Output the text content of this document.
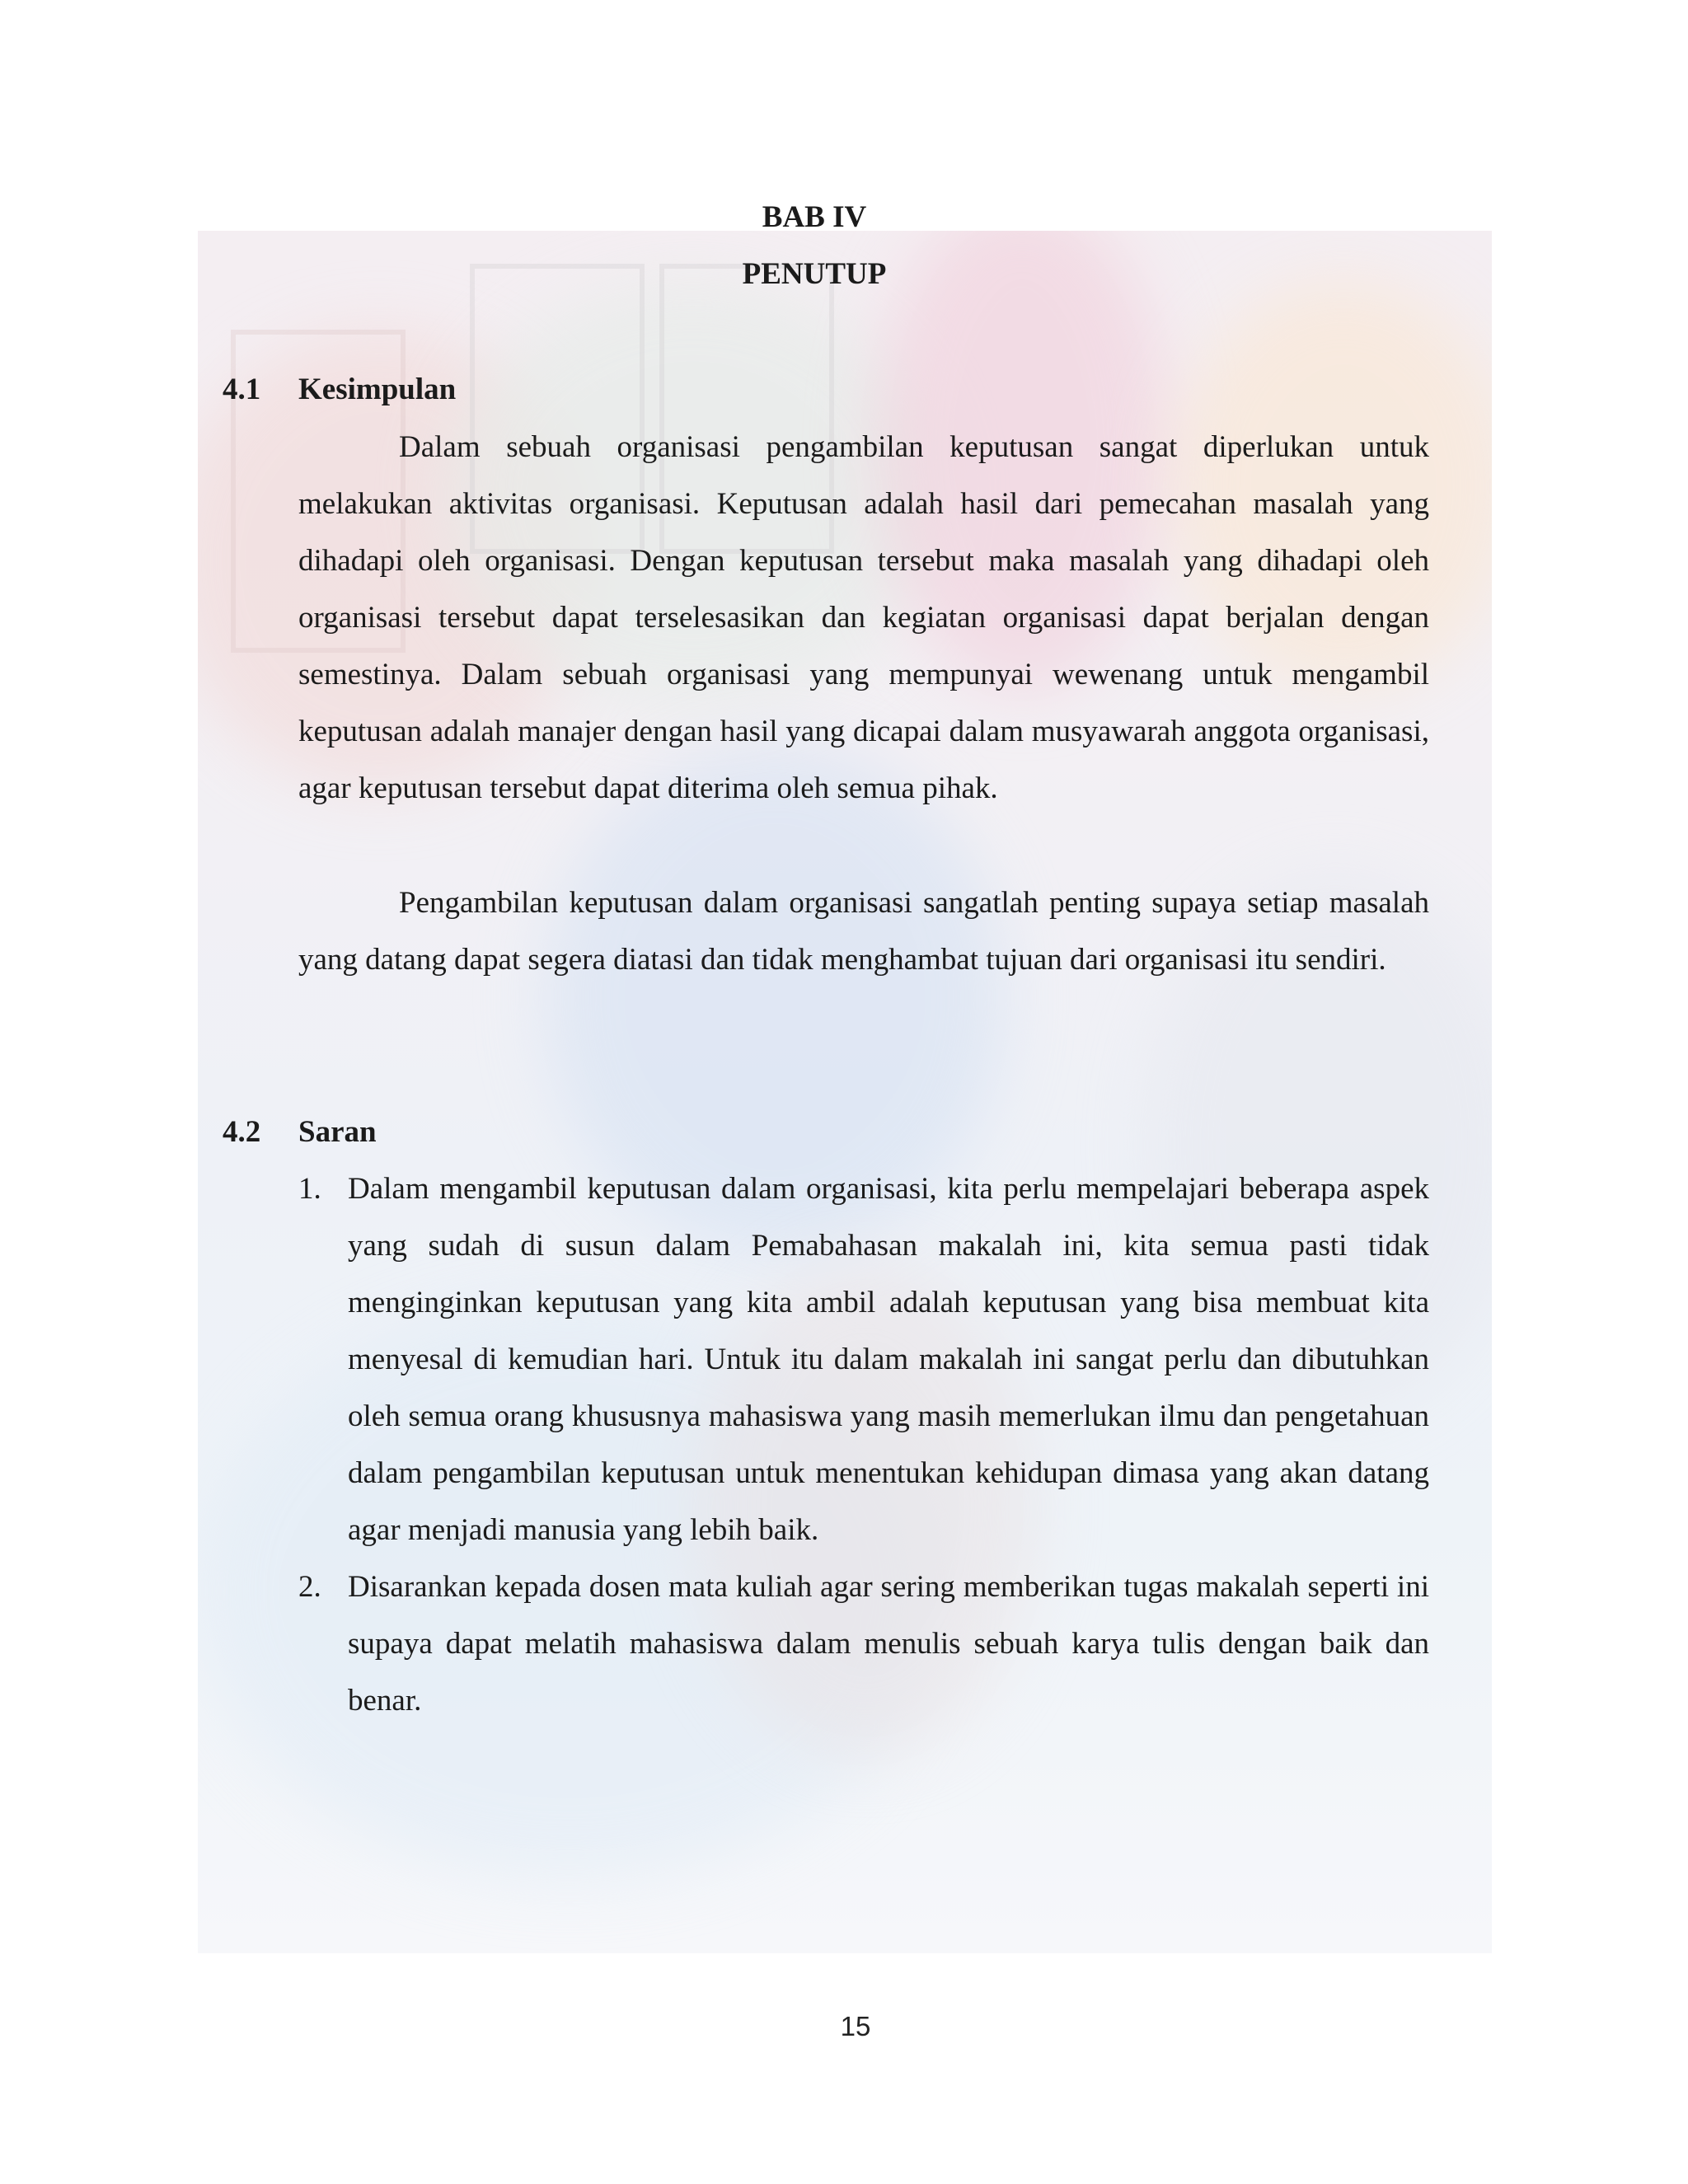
BAB IV

PENUTUP

4.1 Kesimpulan

Dalam sebuah organisasi pengambilan keputusan sangat diperlukan untuk melakukan aktivitas organisasi. Keputusan adalah hasil dari pemecahan masalah yang dihadapi oleh organisasi. Dengan keputusan tersebut maka masalah yang dihadapi oleh organisasi tersebut dapat terselesasikan dan kegiatan organisasi dapat berjalan dengan semestinya. Dalam sebuah organisasi yang mempunyai wewenang untuk mengambil keputusan adalah manajer dengan hasil yang dicapai dalam musyawarah anggota organisasi, agar keputusan tersebut dapat diterima oleh semua pihak.

Pengambilan keputusan dalam organisasi sangatlah penting supaya setiap masalah yang datang dapat segera diatasi dan tidak menghambat tujuan dari organisasi itu sendiri.

4.2 Saran
1. Dalam mengambil keputusan dalam organisasi, kita perlu mempelajari beberapa aspek yang sudah di susun dalam Pemabahasan makalah ini, kita semua pasti tidak menginginkan keputusan yang kita ambil adalah keputusan yang bisa membuat kita menyesal di kemudian hari. Untuk itu dalam makalah ini sangat perlu dan dibutuhkan oleh semua orang khususnya mahasiswa yang masih memerlukan ilmu dan pengetahuan dalam pengambilan keputusan untuk menentukan kehidupan dimasa yang akan datang agar menjadi manusia yang lebih baik.
2. Disarankan kepada dosen mata kuliah agar sering memberikan tugas makalah seperti ini supaya dapat melatih mahasiswa dalam menulis sebuah karya tulis dengan baik dan benar.

15
